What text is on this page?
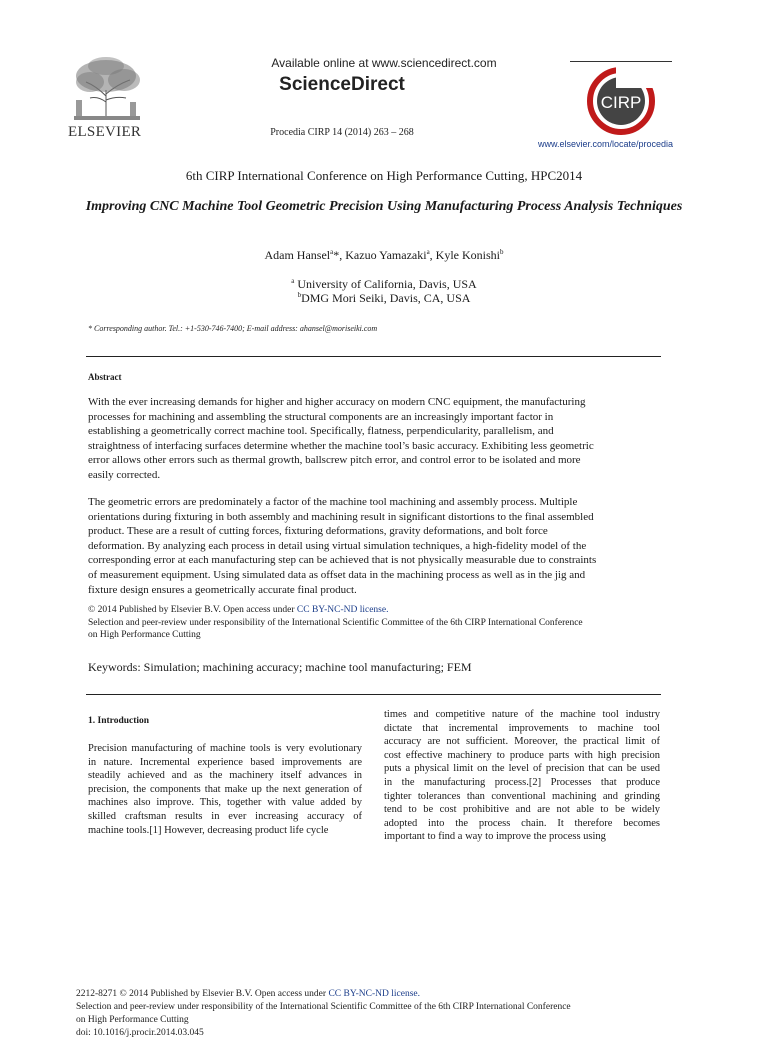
ELSEVIER
Available online at www.sciencedirect.com
ScienceDirect
Procedia CIRP 14 (2014) 263 – 268
CIRP
www.elsevier.com/locate/procedia
6th CIRP International Conference on High Performance Cutting, HPC2014
Improving CNC Machine Tool Geometric Precision Using Manufacturing Process Analysis Techniques
Adam Hansel$^a$*, Kazuo Yamazaki$^a$, Kyle Konishi$^b$
$^a$ University of California, Davis, USA
$^b$DMG Mori Seiki, Davis, CA, USA
* Corresponding author. Tel.: +1-530-746-7400; E-mail address: ahansel@moriseiki.com
Abstract
With the ever increasing demands for higher and higher accuracy on modern CNC equipment, the manufacturing
processes for machining and assembling the structural components are an increasingly important factor in
establishing a geometrically correct machine tool. Specifically, flatness, perpendicularity, parallelism, and
straightness of interfacing surfaces determine whether the machine tool’s basic accuracy. Exhibiting less geometric
error allows other errors such as thermal growth, ballscrew pitch error, and control error to be isolated and more
easily corrected.
The geometric errors are predominately a factor of the machine tool machining and assembly process. Multiple
orientations during fixturing in both assembly and machining result in significant distortions to the final assembled
product. These are a result of cutting forces, fixturing deformations, gravity deformations, and bolt force
deformation. By analyzing each process in detail using virtual simulation techniques, a high-fidelity model of the
corresponding error at each manufacturing step can be achieved that is not physically measurable due to constraints
of measurement equipment. Using simulated data as offset data in the machining process as well as in the jig and
fixture design ensures a geometrically accurate final product.
© 2014 Published by Elsevier B.V. Open access under CC BY-NC-ND license.
Selection and peer-review under responsibility of the International Scientific Committee of the 6th CIRP International Conference
on High Performance Cutting
Keywords: Simulation; machining accuracy; machine tool manufacturing; FEM
1. Introduction
Precision manufacturing of machine tools is very evolutionary
in nature. Incremental experience based improvements are
steadily achieved and as the machinery itself advances in
precision, the components that make up the next generation of
machines also improve. This, together with value added by
skilled craftsman results in ever increasing accuracy of
machine tools.[1] However, decreasing product life cycle
times and competitive nature of the machine tool industry
dictate that incremental improvements to machine tool
accuracy are not sufficient. Moreover, the practical limit of
cost effective machinery to produce parts with high precision
puts a physical limit on the level of precision that can be used
in the manufacturing process.[2] Processes that produce
tighter tolerances than conventional machining and grinding
tend to be cost prohibitive and are not able to be widely
adopted into the process chain. It therefore becomes
important to find a way to improve the process using
2212-8271 © 2014 Published by Elsevier B.V. Open access under CC BY-NC-ND license.
Selection and peer-review under responsibility of the International Scientific Committee of the 6th CIRP International Conference
on High Performance Cutting
doi: 10.1016/j.procir.2014.03.045
